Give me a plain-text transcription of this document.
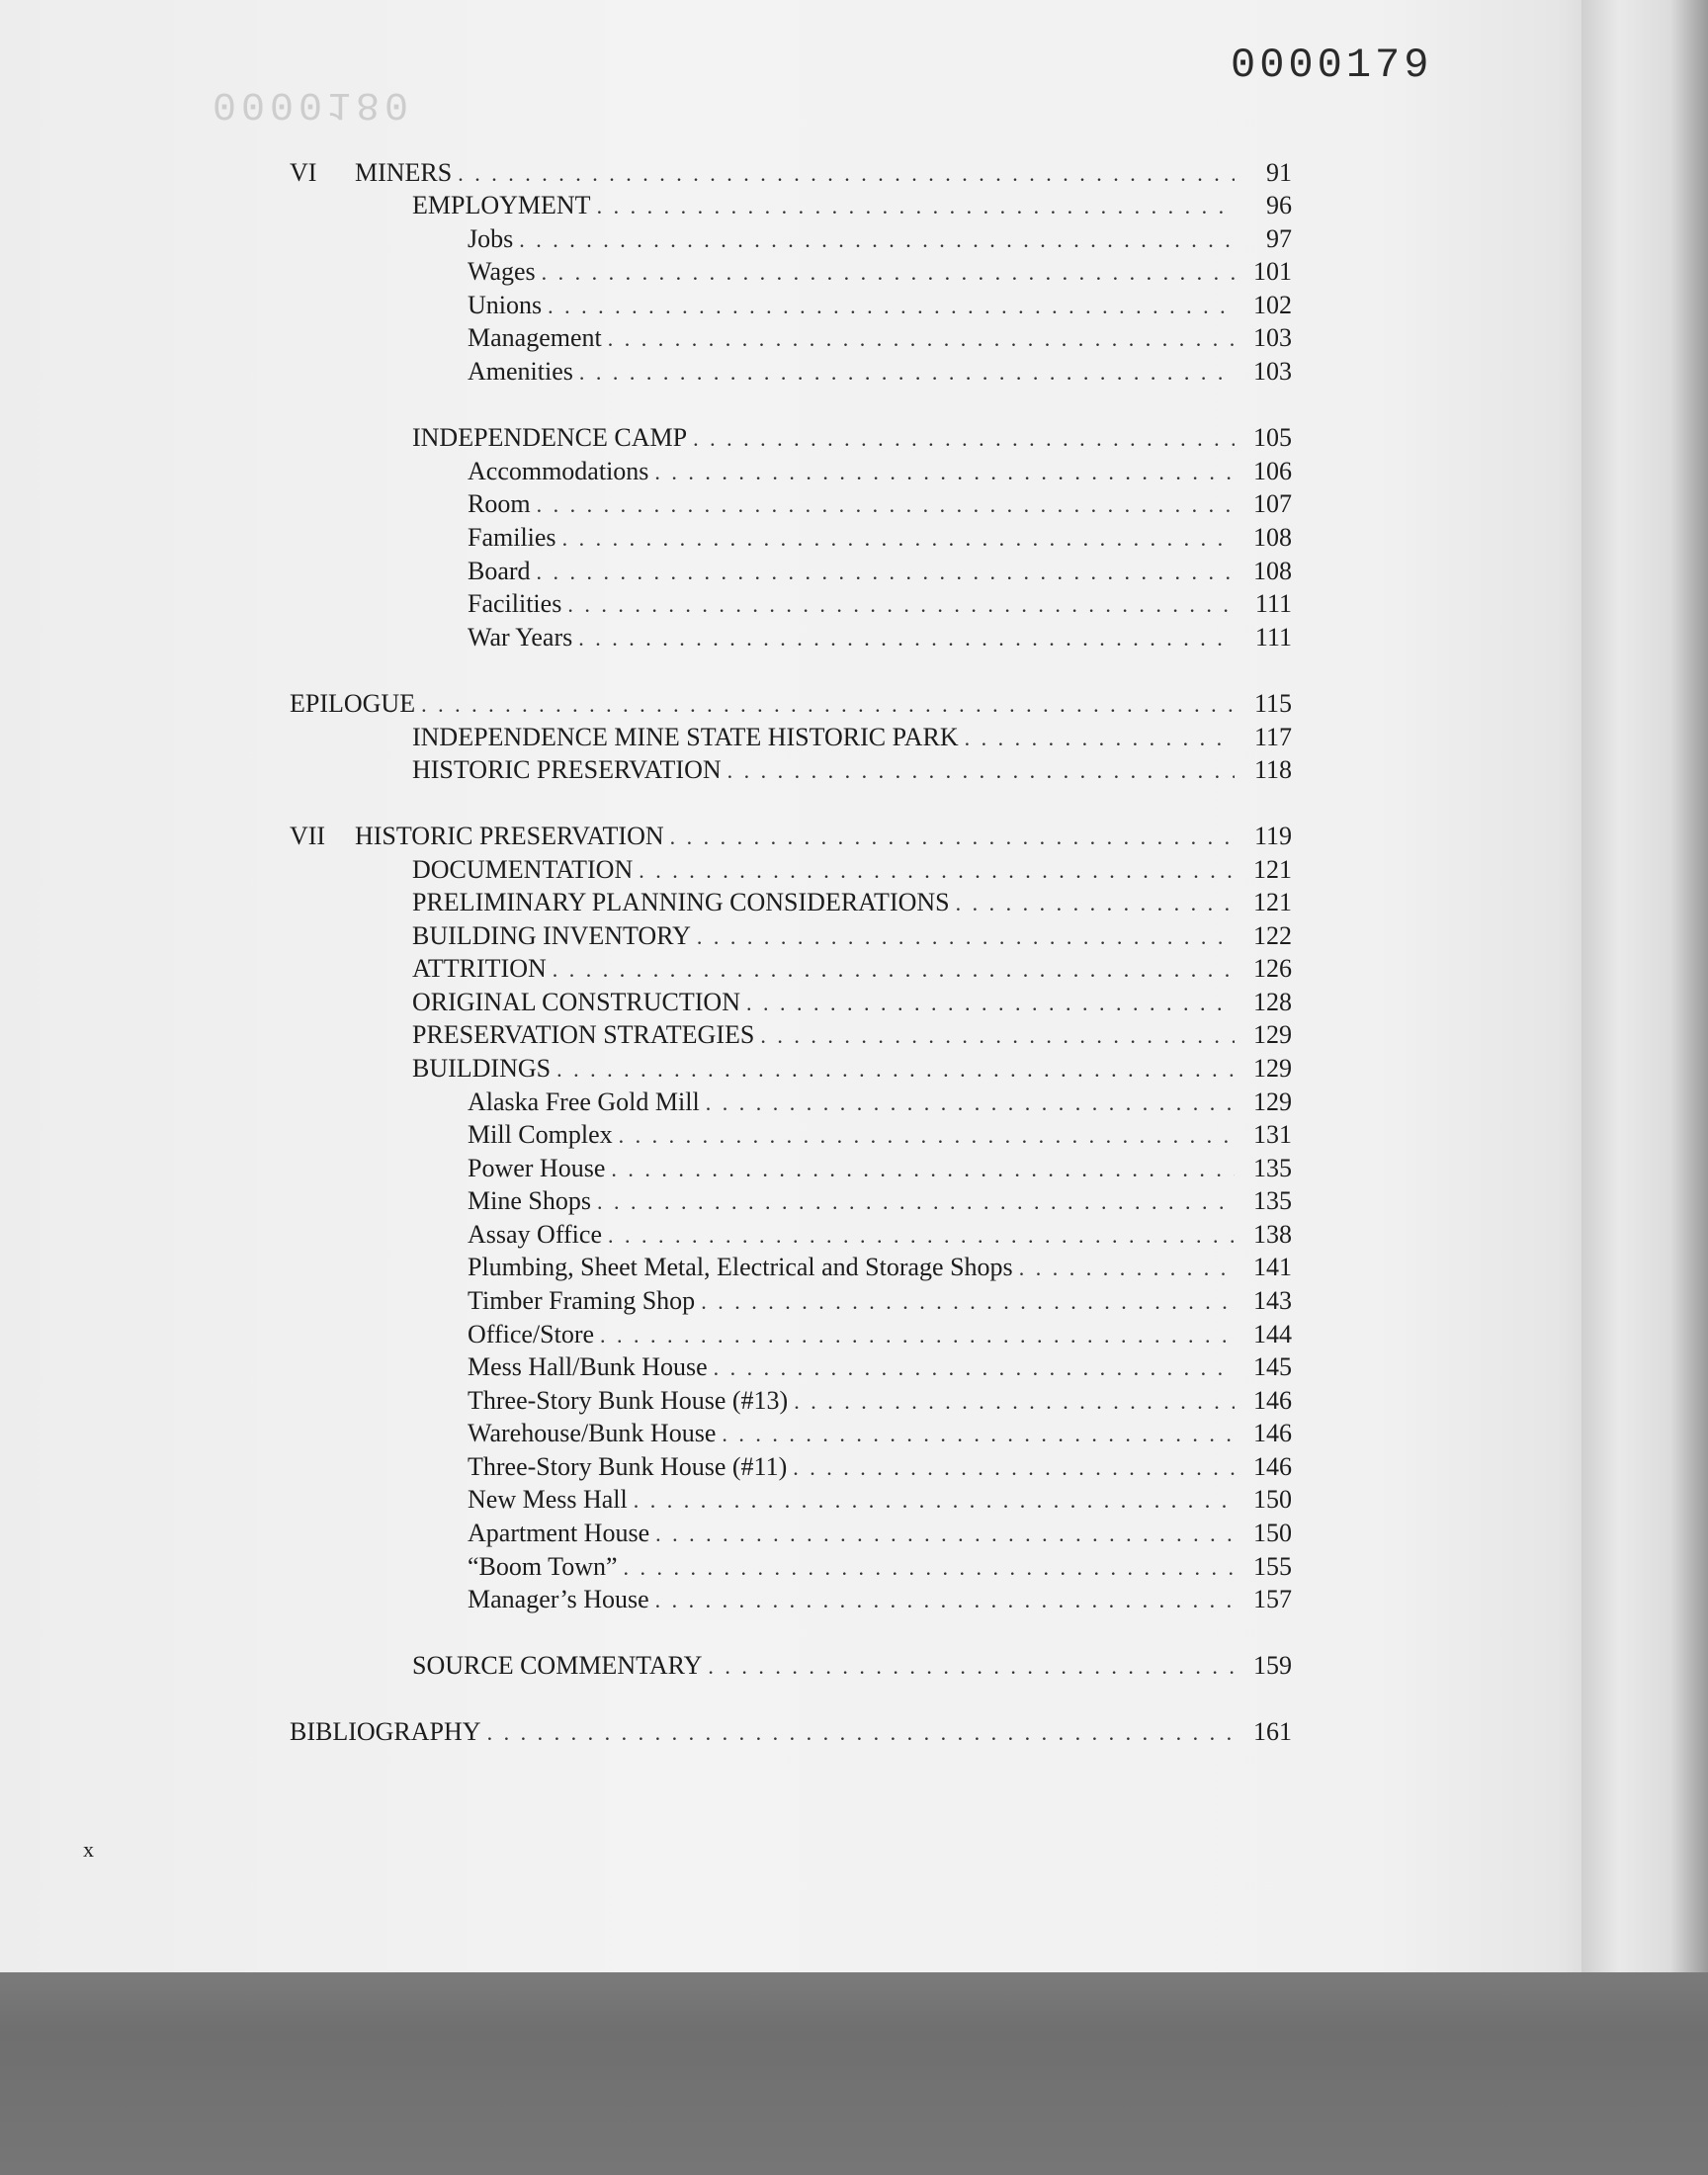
0000179
0000180
VI	MINERS . . .	91
EMPLOYMENT . . .	96
Jobs . . .	97
Wages . . .	101
Unions . . .	102
Management . . .	103
Amenities . . .	103
INDEPENDENCE CAMP . . .	105
Accommodations . . .	106
Room . . .	107
Families . . .	108
Board . . .	108
Facilities . . .	111
War Years . . .	111
EPILOGUE . . .	115
INDEPENDENCE MINE STATE HISTORIC PARK . . .	117
HISTORIC PRESERVATION . . .	118
VII	HISTORIC PRESERVATION . . .	119
DOCUMENTATION . . .	121
PRELIMINARY PLANNING CONSIDERATIONS . . .	121
BUILDING INVENTORY . . .	122
ATTRITION . . .	126
ORIGINAL CONSTRUCTION . . .	128
PRESERVATION STRATEGIES . . .	129
BUILDINGS . . .	129
Alaska Free Gold Mill . . .	129
Mill Complex . . .	131
Power House . . .	135
Mine Shops . . .	135
Assay Office . . .	138
Plumbing, Sheet Metal, Electrical and Storage Shops . . .	141
Timber Framing Shop . . .	143
Office/Store . . .	144
Mess Hall/Bunk House . . .	145
Three-Story Bunk House (#13) . . .	146
Warehouse/Bunk House . . .	146
Three-Story Bunk House (#11) . . .	146
New Mess Hall . . .	150
Apartment House . . .	150
“Boom Town” . . .	155
Manager’s House . . .	157
SOURCE COMMENTARY . . .	159
BIBLIOGRAPHY . . .	161
x
